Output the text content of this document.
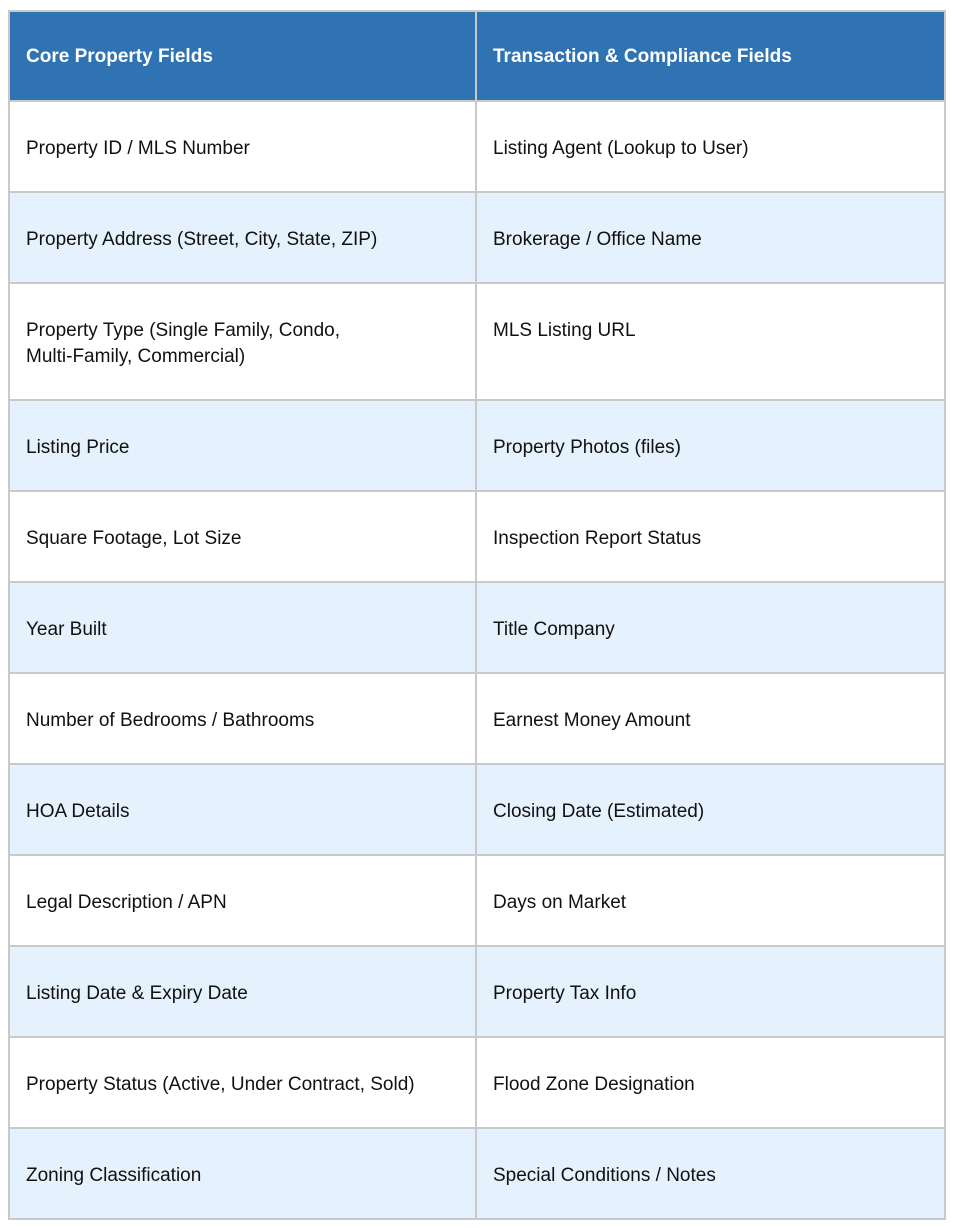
Core Property Fields	Transaction & Compliance Fields
Property ID / MLS Number	Listing Agent (Lookup to User)
Property Address (Street, City, State, ZIP)	Brokerage / Office Name
Property Type (Single Family, Condo, Multi-Family, Commercial)	MLS Listing URL
Listing Price	Property Photos (files)
Square Footage, Lot Size	Inspection Report Status
Year Built	Title Company
Number of Bedrooms / Bathrooms	Earnest Money Amount
HOA Details	Closing Date (Estimated)
Legal Description / APN	Days on Market
Listing Date & Expiry Date	Property Tax Info
Property Status (Active, Under Contract, Sold)	Flood Zone Designation
Zoning Classification	Special Conditions / Notes
